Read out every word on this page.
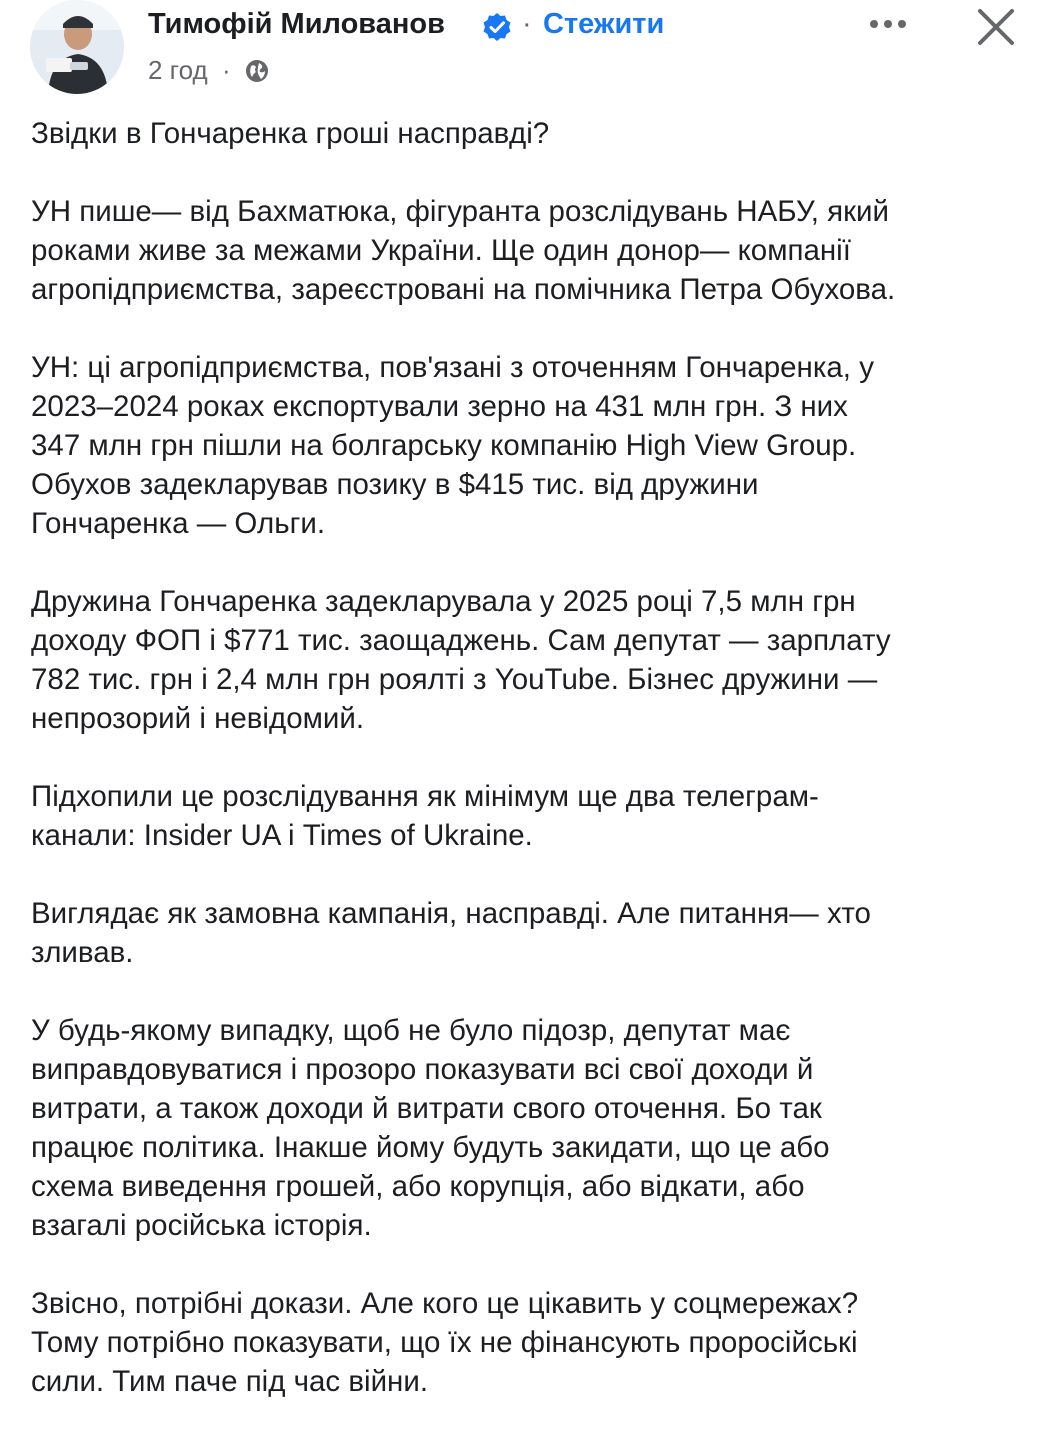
Тимофій Милованов	· Стежити
2 год ·

Звідки в Гончаренка гроші насправді?

УН пише— від Бахматюка, фігуранта розслідувань НАБУ, який
роками живе за межами України. Ще один донор— компанії
агропідприємства, зареєстровані на помічника Петра Обухова.

УН: ці агропідприємства, пов'язані з оточенням Гончаренка, у
2023–2024 роках експортували зерно на 431 млн грн. З них
347 млн грн пішли на болгарську компанію High View Group.
Обухов задекларував позику в $415 тис. від дружини
Гончаренка — Ольги.

Дружина Гончаренка задекларувала у 2025 році 7,5 млн грн
доходу ФОП і $771 тис. заощаджень. Сам депутат — зарплату
782 тис. грн і 2,4 млн грн роялті з YouTube. Бізнес дружини —
непрозорий і невідомий.

Підхопили це розслідування як мінімум ще два телеграм-
канали: Insider UA і Times of Ukraine.

Виглядає як замовна кампанія, насправді. Але питання— хто
зливав.

У будь-якому випадку, щоб не було підозр, депутат має
виправдовуватися і прозоро показувати всі свої доходи й
витрати, а також доходи й витрати свого оточення. Бо так
працює політика. Інакше йому будуть закидати, що це або
схема виведення грошей, або корупція, або відкати, або
взагалі російська історія.

Звісно, потрібні докази. Але кого це цікавить у соцмережах?
Тому потрібно показувати, що їх не фінансують проросійські
сили. Тим паче під час війни.
